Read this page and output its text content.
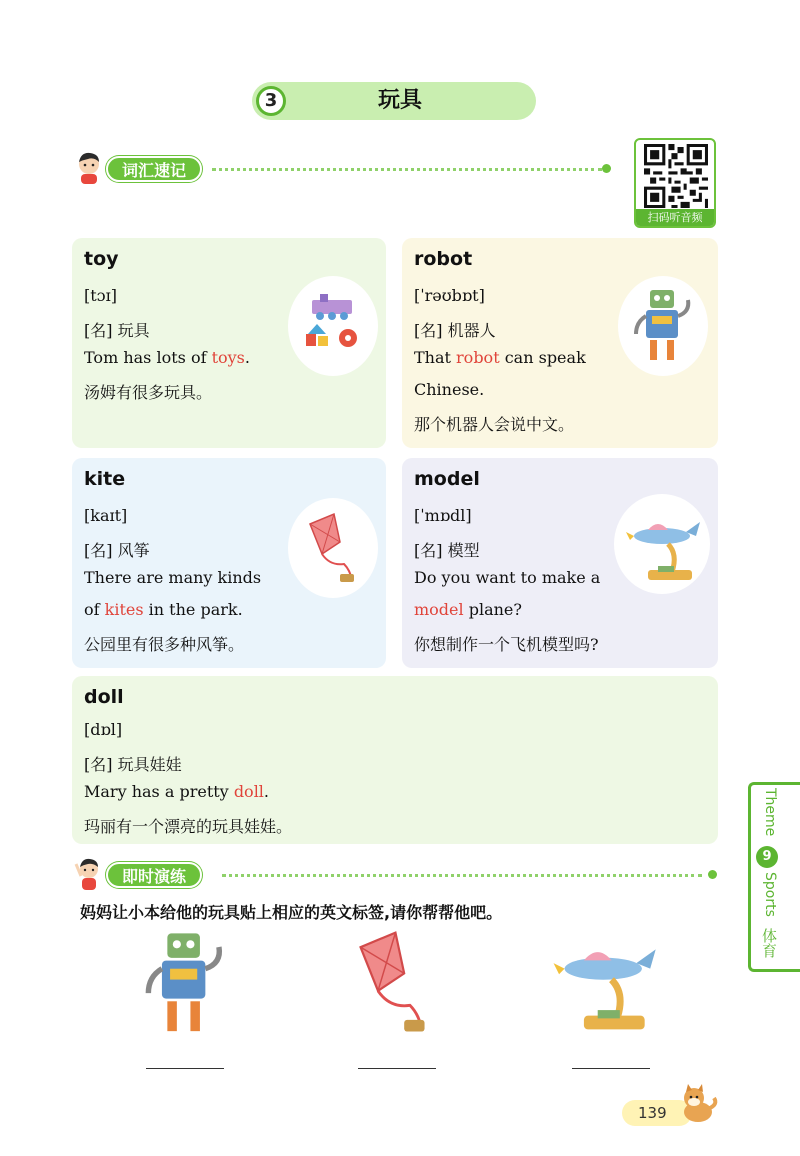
3	玩具
词汇速记
扫码听音频
toy
[tɔɪ]
[名] 玩具
Tom has lots of toys.
汤姆有很多玩具。
robot
[ˈrəʊbɒt]
[名] 机器人
That robot can speak
Chinese.
那个机器人会说中文。
kite
[kaɪt]
[名] 风筝
There are many kinds
of kites in the park.
公园里有很多种风筝。
model
[ˈmɒdl]
[名] 模型
Do you want to make a
model plane?
你想制作一个飞机模型吗?
doll
[dɒl]
[名] 玩具娃娃
Mary has a pretty doll.
玛丽有一个漂亮的玩具娃娃。
即时演练
妈妈让小本给他的玩具贴上相应的英文标签,请你帮帮他吧。
Theme
9
Sports
体育
139
